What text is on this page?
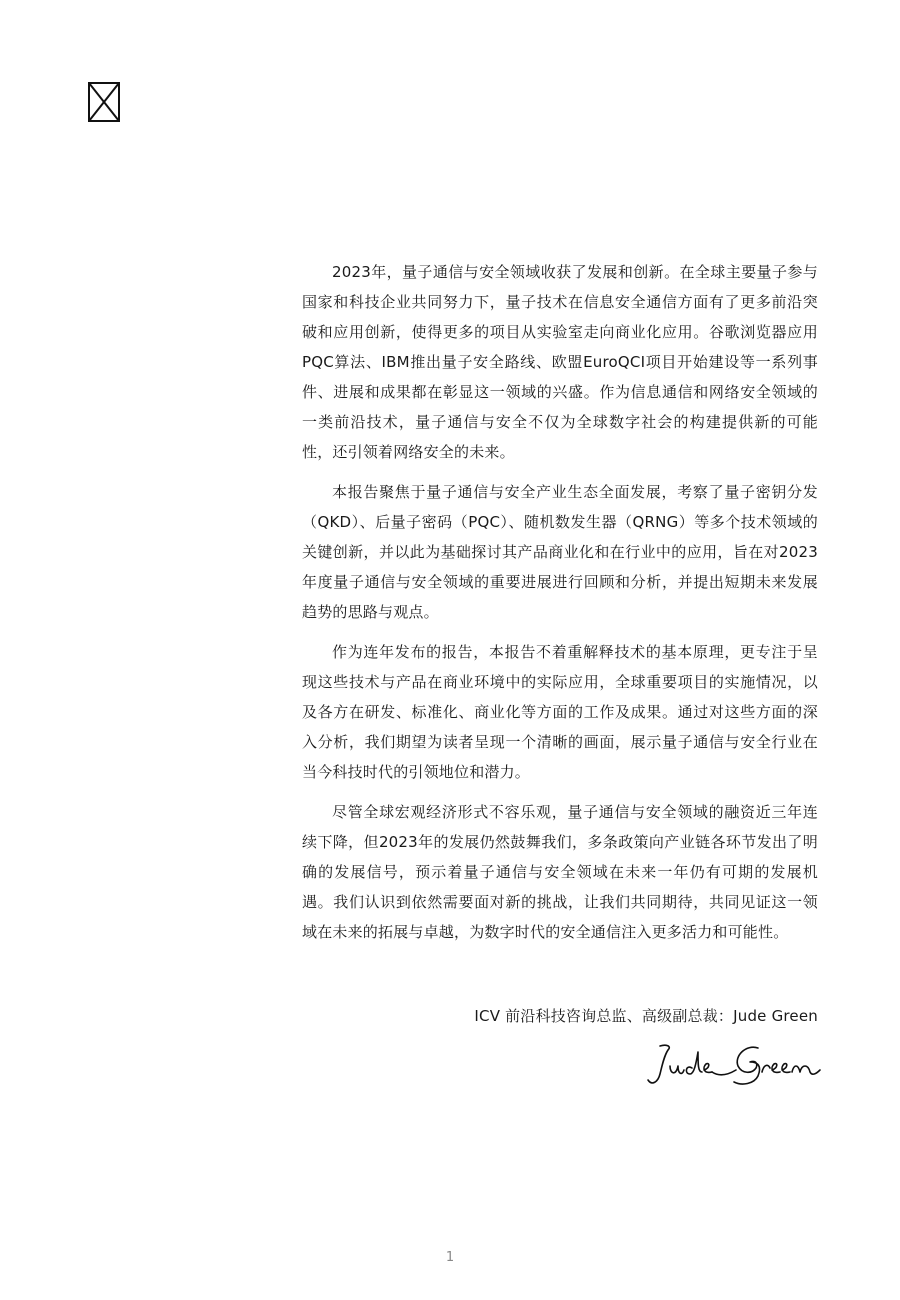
2023年，量子通信与安全领域收获了发展和创新。在全球主要量子参与国家和科技企业共同努力下，量子技术在信息安全通信方面有了更多前沿突破和应用创新，使得更多的项目从实验室走向商业化应用。谷歌浏览器应用PQC算法、IBM推出量子安全路线、欧盟EuroQCI项目开始建设等一系列事件、进展和成果都在彰显这一领域的兴盛。作为信息通信和网络安全领域的一类前沿技术，量子通信与安全不仅为全球数字社会的构建提供新的可能性，还引领着网络安全的未来。

本报告聚焦于量子通信与安全产业生态全面发展，考察了量子密钥分发（QKD）、后量子密码（PQC）、随机数发生器（QRNG）等多个技术领域的关键创新，并以此为基础探讨其产品商业化和在行业中的应用，旨在对2023年度量子通信与安全领域的重要进展进行回顾和分析，并提出短期未来发展趋势的思路与观点。

作为连年发布的报告，本报告不着重解释技术的基本原理，更专注于呈现这些技术与产品在商业环境中的实际应用，全球重要项目的实施情况，以及各方在研发、标准化、商业化等方面的工作及成果。通过对这些方面的深入分析，我们期望为读者呈现一个清晰的画面，展示量子通信与安全行业在当今科技时代的引领地位和潜力。

尽管全球宏观经济形式不容乐观，量子通信与安全领域的融资近三年连续下降，但2023年的发展仍然鼓舞我们，多条政策向产业链各环节发出了明确的发展信号，预示着量子通信与安全领域在未来一年仍有可期的发展机遇。我们认识到依然需要面对新的挑战，让我们共同期待，共同见证这一领域在未来的拓展与卓越，为数字时代的安全通信注入更多活力和可能性。

ICV 前沿科技咨询总监、高级副总裁：Jude Green
1
